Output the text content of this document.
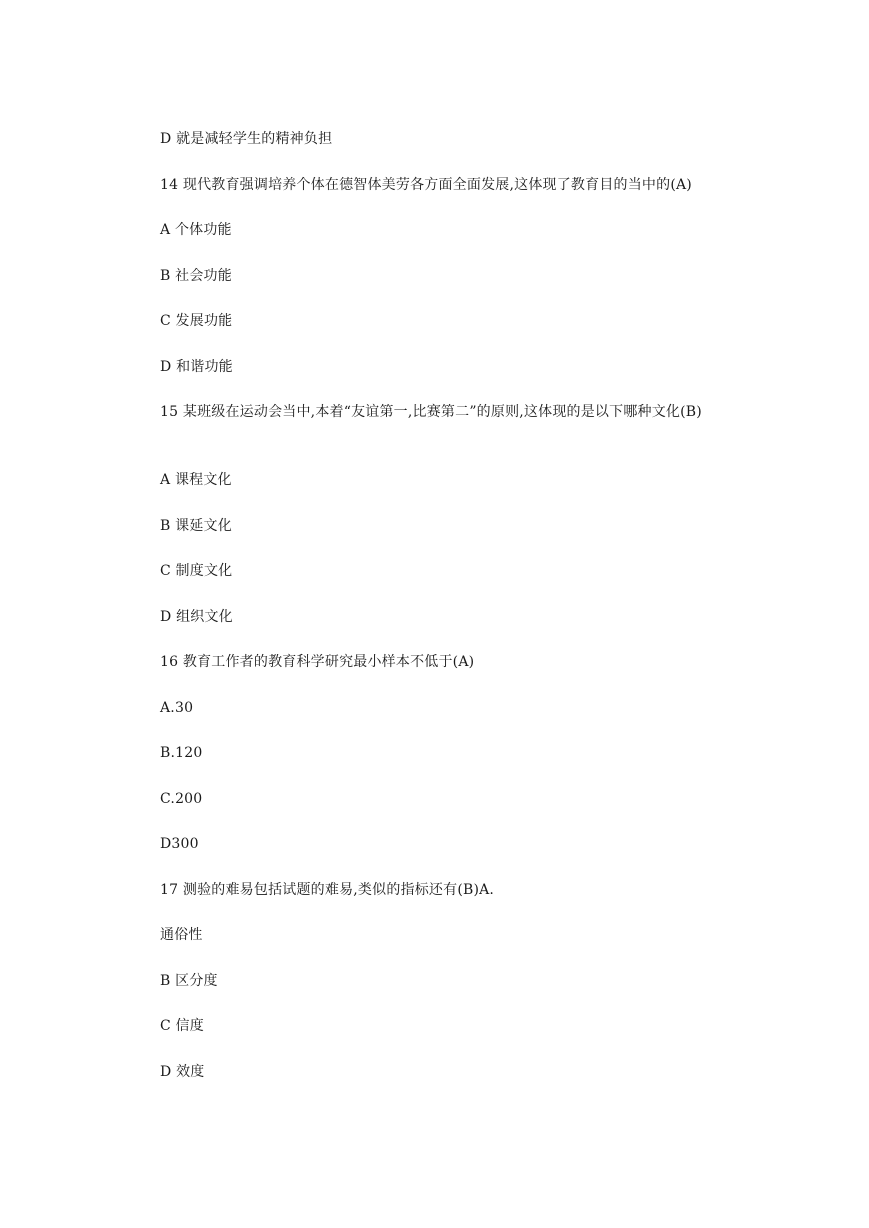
D 就是减轻学生的精神负担
14 现代教育强调培养个体在德智体美劳各方面全面发展,这体现了教育目的当中的(A)
A 个体功能
B 社会功能
C 发展功能
D 和谐功能
15 某班级在运动会当中,本着“友谊第一,比赛第二”的原则,这体现的是以下哪种文化(B)
A 课程文化
B 课延文化
C 制度文化
D 组织文化
16 教育工作者的教育科学研究最小样本不低于(A)
A.30
B.120
C.200
D300
17 测验的难易包括试题的难易,类似的指标还有(B)A.
通俗性
B 区分度
C 信度
D 效度
